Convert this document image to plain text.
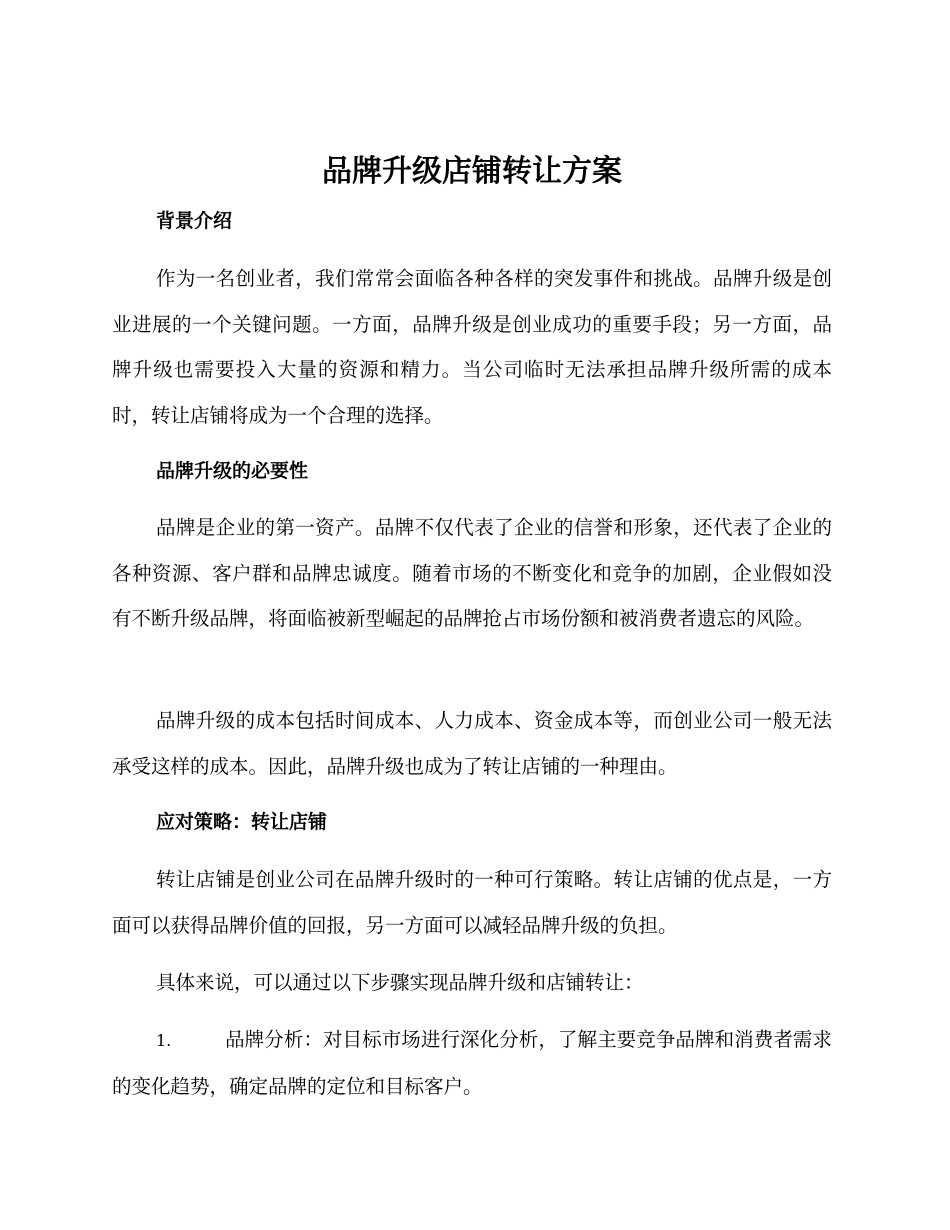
品牌升级店铺转让方案
背景介绍

作为一名创业者，我们常常会面临各种各样的突发事件和挑战。品牌升级是创业进展的一个关键问题。一方面，品牌升级是创业成功的重要手段；另一方面，品牌升级也需要投入大量的资源和精力。当公司临时无法承担品牌升级所需的成本时，转让店铺将成为一个合理的选择。

品牌升级的必要性

品牌是企业的第一资产。品牌不仅代表了企业的信誉和形象，还代表了企业的各种资源、客户群和品牌忠诚度。随着市场的不断变化和竞争的加剧，企业假如没有不断升级品牌，将面临被新型崛起的品牌抢占市场份额和被消费者遗忘的风险。

品牌升级的成本包括时间成本、人力成本、资金成本等，而创业公司一般无法承受这样的成本。因此，品牌升级也成为了转让店铺的一种理由。

应对策略：转让店铺

转让店铺是创业公司在品牌升级时的一种可行策略。转让店铺的优点是，一方面可以获得品牌价值的回报，另一方面可以减轻品牌升级的负担。

具体来说，可以通过以下步骤实现品牌升级和店铺转让：

1.	品牌分析：对目标市场进行深化分析，了解主要竞争品牌和消费者需求的变化趋势，确定品牌的定位和目标客户。
